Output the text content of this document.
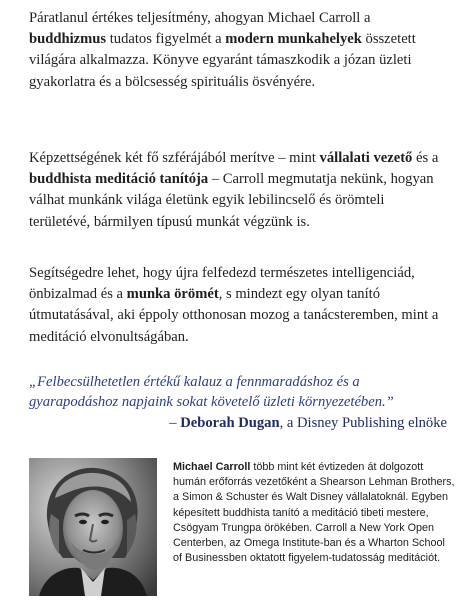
Páratlanul értékes teljesítmény, ahogyan Michael Carroll a buddhizmus tudatos figyelmét a modern munkahelyek összetett világára alkalmazza. Könyve egyaránt támaszkodik a józan üzleti gyakorlatra és a bölcsesség spirituális ösvényére.

Képzettségének két fő szférájából merítve – mint vállalati vezető és a buddhista meditáció tanítója – Carroll megmutatja nekünk, hogyan válhat munkánk világa életünk egyik lebilincselő és örömteli területévé, bármilyen típusú munkát végzünk is.

Segítségedre lehet, hogy újra felfedezd természetes intelligenciád, önbizalmad és a munka örömét, s mindezt egy olyan tanító útmutatásával, aki éppoly otthonosan mozog a tanácsteremben, mint a meditáció elvonultságában.

„Felbecsülhetetlen értékű kalauz a fennmaradáshoz és a gyarapodáshoz napjaink sokat követelő üzleti környezetében.”

– Deborah Dugan, a Disney Publishing elnöke

Michael Carroll több mint két évtizeden át dolgozott humán erőforrás vezetőként a Shearson Lehman Brothers, a Simon & Schuster és Walt Disney vállalatoknál. Egyben képesített buddhista tanító a meditáció tibeti mestere, Csögyam Trungpa örökében. Carroll a New York Open Centerben, az Omega Institute-ban és a Wharton School of Businessben oktatott figyelem-tudatosság meditációt.
